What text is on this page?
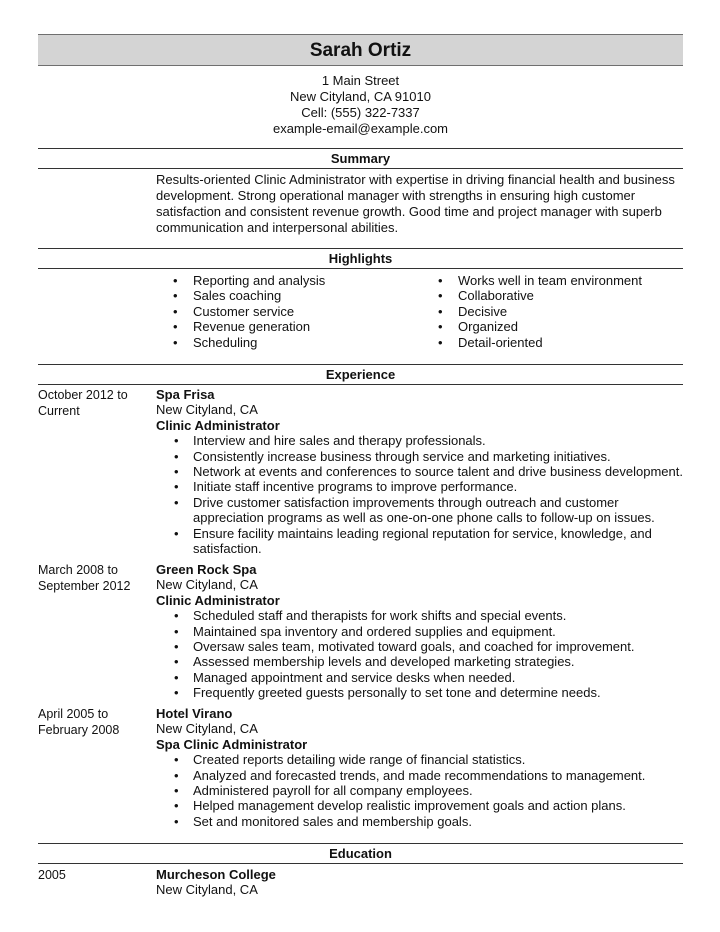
Sarah Ortiz
1 Main Street
New Cityland, CA 91010
Cell: (555) 322-7337
example-email@example.com
Summary
Results-oriented Clinic Administrator with expertise in driving financial health and business
development. Strong operational manager with strengths in ensuring high customer
satisfaction and consistent revenue growth. Good time and project manager with superb
communication and interpersonal abilities.
Highlights
• Reporting and analysis
• Sales coaching
• Customer service
• Revenue generation
• Scheduling
• Works well in team environment
• Collaborative
• Decisive
• Organized
• Detail-oriented
Experience
October 2012 to
Current
Spa Frisa
New Cityland, CA
Clinic Administrator
• Interview and hire sales and therapy professionals.
• Consistently increase business through service and marketing initiatives.
• Network at events and conferences to source talent and drive business development.
• Initiate staff incentive programs to improve performance.
• Drive customer satisfaction improvements through outreach and customer appreciation programs as well as one-on-one phone calls to follow-up on issues.
• Ensure facility maintains leading regional reputation for service, knowledge, and satisfaction.
March 2008 to
September 2012
Green Rock Spa
New Cityland, CA
Clinic Administrator
• Scheduled staff and therapists for work shifts and special events.
• Maintained spa inventory and ordered supplies and equipment.
• Oversaw sales team, motivated toward goals, and coached for improvement.
• Assessed membership levels and developed marketing strategies.
• Managed appointment and service desks when needed.
• Frequently greeted guests personally to set tone and determine needs.
April 2005 to
February 2008
Hotel Virano
New Cityland, CA
Spa Clinic Administrator
• Created reports detailing wide range of financial statistics.
• Analyzed and forecasted trends, and made recommendations to management.
• Administered payroll for all company employees.
• Helped management develop realistic improvement goals and action plans.
• Set and monitored sales and membership goals.
Education
2005	Murcheson College
New Cityland, CA
